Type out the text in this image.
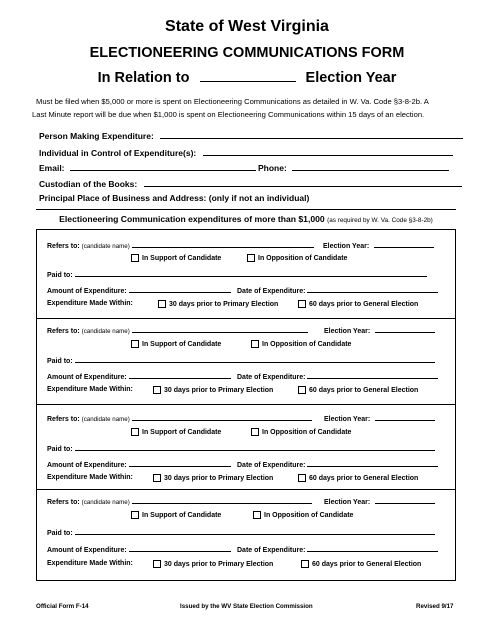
State of West Virginia
ELECTIONEERING COMMUNICATIONS FORM
In Relation to	Election Year
Must be filed when $5,000 or more is spent on Electioneering Communications as detailed in W. Va. Code §3-8-2b. A
Last Minute report will be due when $1,000 is spent on Electioneering Communications within 15 days of an election.
Person Making Expenditure:
Individual in Control of Expenditure(s):
Email:	Phone:
Custodian of the Books:
Principal Place of Business and Address: (only if not an individual)
Electioneering Communication expenditures of more than $1,000 (as required by W. Va. Code §3-8-2b)
Refers to: (candidate name)	Election Year:
In Support of Candidate	In Opposition of Candidate
Paid to:
Amount of Expenditure:	Date of Expenditure:
Expenditure Made Within:	30 days prior to Primary Election	60 days prior to General Election
Refers to: (candidate name)	Election Year:
In Support of Candidate	In Opposition of Candidate
Paid to:
Amount of Expenditure:	Date of Expenditure:
Expenditure Made Within:	30 days prior to Primary Election	60 days prior to General Election
Refers to: (candidate name)	Election Year:
In Support of Candidate	In Opposition of Candidate
Paid to:
Amount of Expenditure:	Date of Expenditure:
Expenditure Made Within:	30 days prior to Primary Election	60 days prior to General Election
Refers to: (candidate name)	Election Year:
In Support of Candidate	In Opposition of Candidate
Paid to:
Amount of Expenditure:	Date of Expenditure:
Expenditure Made Within:	30 days prior to Primary Election	60 days prior to General Election
Official Form F-14	Issued by the WV State Election Commission	Revised 9/17
